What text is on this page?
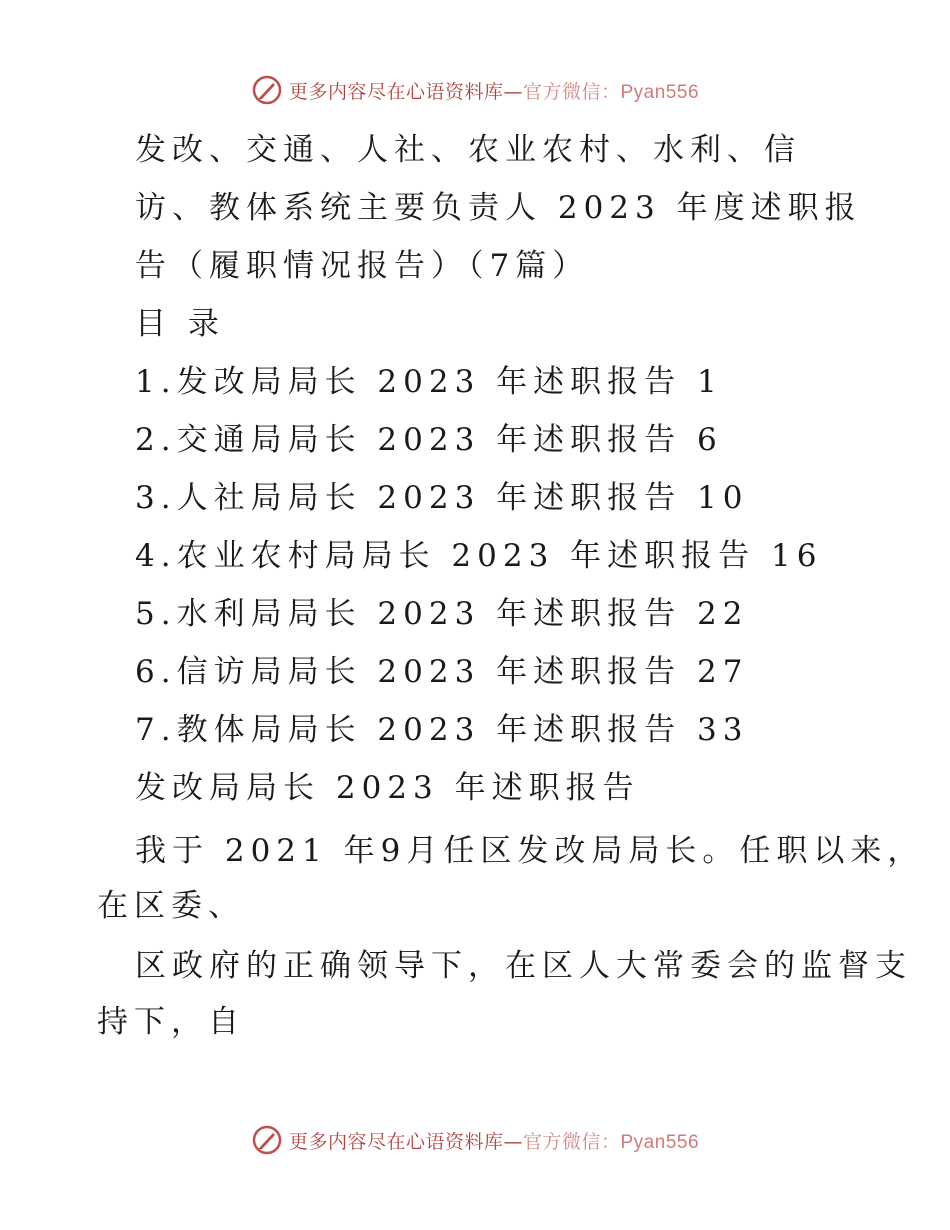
更多内容尽在心语资料库—官方微信：Pyan556
发改、交通、人社、农业农村、水利、信
访、教体系统主要负责人 2023 年度述职报
告（履职情况报告）（7篇）
目 录
1.发改局局长 2023 年述职报告 1
2.交通局局长 2023 年述职报告 6
3.人社局局长 2023 年述职报告 10
4.农业农村局局长 2023 年述职报告 16
5.水利局局长 2023 年述职报告 22
6.信访局局长 2023 年述职报告 27
7.教体局局长 2023 年述职报告 33
发改局局长 2023 年述职报告
我于 2021 年9月任区发改局局长。任职以来，
在区委、
区政府的正确领导下，在区人大常委会的监督支
持下，自
更多内容尽在心语资料库—官方微信：Pyan556
